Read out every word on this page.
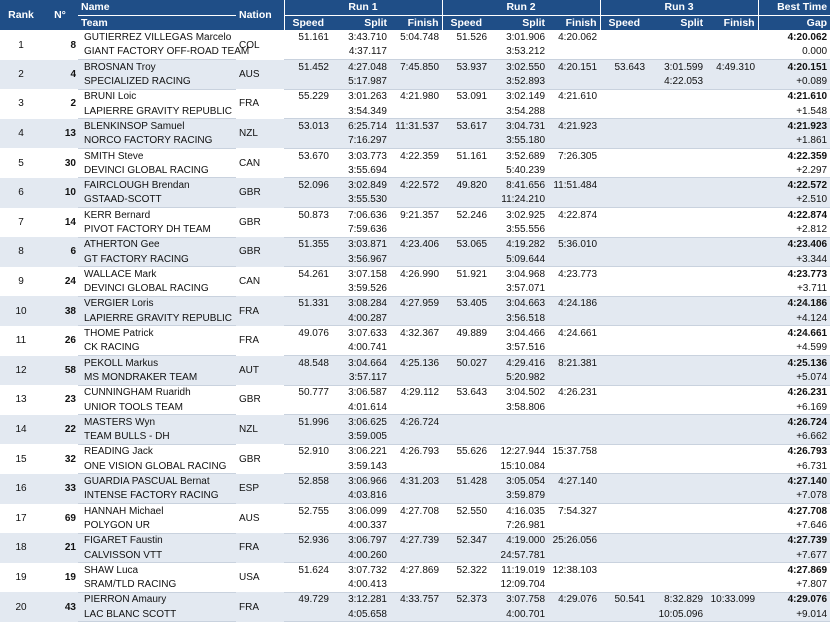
Rank	N°	Name	Nation	Run 1			Run 2			Run 3			Best Time
		Team		Speed	Split	Finish	Speed	Split	Finish	Speed	Split	Finish	Gap
1	8	GUTIERREZ VILLEGAS Marcelo	COL	51.161	3:43.710	5:04.748	51.526	3:01.906	4:20.062				4:20.062
		GIANT FACTORY OFF-ROAD TEAM			4:37.117			3:53.212					0.000
2	4	BROSNAN Troy	AUS	51.452	4:27.048	7:45.850	53.937	3:02.550	4:20.151	53.643	3:01.599	4:49.310	4:20.151
		SPECIALIZED RACING			5:17.987			3:52.893			4:22.053		+0.089
3	2	BRUNI Loic	FRA	55.229	3:01.263	4:21.980	53.091	3:02.149	4:21.610				4:21.610
		LAPIERRE GRAVITY REPUBLIC			3:54.349			3:54.288					+1.548
4	13	BLENKINSOP Samuel	NZL	53.013	6:25.714	11:31.537	53.617	3:04.731	4:21.923				4:21.923
		NORCO FACTORY RACING			7:16.297			3:55.180					+1.861
5	30	SMITH Steve	CAN	53.670	3:03.773	4:22.359	51.161	3:52.689	7:26.305				4:22.359
		DEVINCI GLOBAL RACING			3:55.694			5:40.239					+2.297
6	10	FAIRCLOUGH Brendan	GBR	52.096	3:02.849	4:22.572	49.820	8:41.656	11:51.484				4:22.572
		GSTAAD-SCOTT			3:55.530			11:24.210					+2.510
7	14	KERR Bernard	GBR	50.873	7:06.636	9:21.357	52.246	3:02.925	4:22.874				4:22.874
		PIVOT FACTORY DH TEAM			7:59.636			3:55.556					+2.812
8	6	ATHERTON Gee	GBR	51.355	3:03.871	4:23.406	53.065	4:19.282	5:36.010				4:23.406
		GT FACTORY RACING			3:56.967			5:09.644					+3.344
9	24	WALLACE Mark	CAN	54.261	3:07.158	4:26.990	51.921	3:04.968	4:23.773				4:23.773
		DEVINCI GLOBAL RACING			3:59.526			3:57.071					+3.711
10	38	VERGIER Loris	FRA	51.331	3:08.284	4:27.959	53.405	3:04.663	4:24.186				4:24.186
		LAPIERRE GRAVITY REPUBLIC			4:00.287			3:56.518					+4.124
11	26	THOME Patrick	FRA	49.076	3:07.633	4:32.367	49.889	3:04.466	4:24.661				4:24.661
		CK RACING			4:00.741			3:57.516					+4.599
12	58	PEKOLL Markus	AUT	48.548	3:04.664	4:25.136	50.027	4:29.416	8:21.381				4:25.136
		MS MONDRAKER TEAM			3:57.117			5:20.982					+5.074
13	23	CUNNINGHAM Ruaridh	GBR	50.777	3:06.587	4:29.112	53.643	3:04.502	4:26.231				4:26.231
		UNIOR TOOLS TEAM			4:01.614			3:58.806					+6.169
14	22	MASTERS Wyn	NZL	51.996	3:06.625	4:26.724							4:26.724
		TEAM BULLS - DH			3:59.005								+6.662
15	32	READING Jack	GBR	52.910	3:06.221	4:26.793	55.626	12:27.944	15:37.758				4:26.793
		ONE VISION GLOBAL RACING			3:59.143			15:10.084					+6.731
16	33	GUARDIA PASCUAL Bernat	ESP	52.858	3:06.966	4:31.203	51.428	3:05.054	4:27.140				4:27.140
		INTENSE FACTORY RACING			4:03.816			3:59.879					+7.078
17	69	HANNAH Michael	AUS	52.755	3:06.099	4:27.708	52.550	4:16.035	7:54.327				4:27.708
		POLYGON UR			4:00.337			7:26.981					+7.646
18	21	FIGARET Faustin	FRA	52.936	3:06.797	4:27.739	52.347	4:19.000	25:26.056				4:27.739
		CALVISSON VTT			4:00.260			24:57.781					+7.677
19	19	SHAW Luca	USA	51.624	3:07.732	4:27.869	52.322	11:19.019	12:38.103				4:27.869
		SRAM/TLD RACING			4:00.413			12:09.704					+7.807
20	43	PIERRON Amaury	FRA	49.729	3:12.281	4:33.757	52.373	3:07.758	4:29.076	50.541	8:32.829	10:33.099	4:29.076
		LAC BLANC SCOTT			4:05.658			4:00.701			10:05.096		+9.014
